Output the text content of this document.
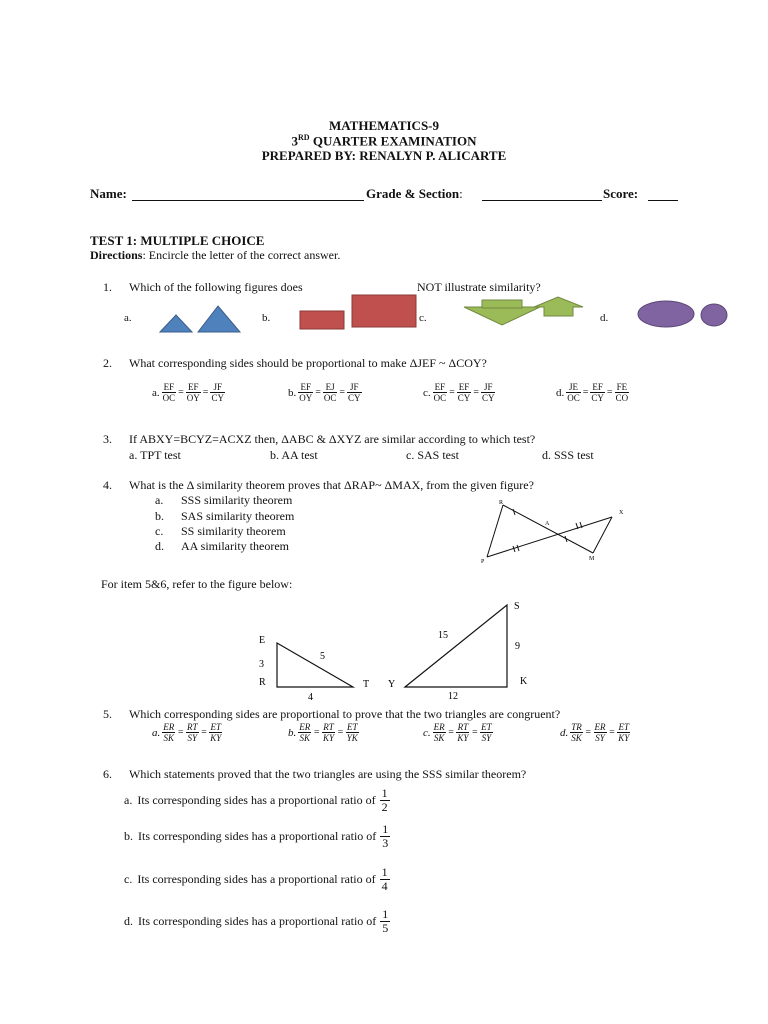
MATHEMATICS-9
3RD QUARTER EXAMINATION
PREPARED BY: RENALYN P. ALICARTE
Name:	Grade & Section:	Score:
TEST 1: MULTIPLE CHOICE
Directions: Encircle the letter of the correct answer.
1. Which of the following figures does	NOT illustrate similarity?
a.	b.	c.	d.
2. What corresponding sides should be proportional to make ΔJEF ~ ΔCOY?
a. $\frac{EF}{OC} = \frac{EF}{OY} = \frac{JF}{CY}$	b. $\frac{EF}{OY} = \frac{EJ}{OC} = \frac{JF}{CY}$	c. $\frac{EF}{OC} = \frac{EF}{CY} = \frac{JF}{CY}$	d. $\frac{JE}{OC} = \frac{EF}{CY} = \frac{FE}{CO}$
3. If ABXY=BCYZ=ACXZ then, ΔABC & ΔXYZ are similar according to which test?
a. TPT test	b. AA test	c. SAS test	d. SSS test
4. What is the Δ similarity theorem proves that ΔRAP~ ΔMAX, from the given figure?
a. SSS similarity theorem
b. SAS similarity theorem
c. SS similarity theorem
d. AA similarity theorem
R
A
X
P	M
For item 5&6, refer to the figure below:
E
3
R
5
4
T Y
S
15
9
K
12
5. Which corresponding sides are proportional to prove that the two triangles are congruent?
a. $\frac{ER}{SK} = \frac{RT}{SY} = \frac{ET}{KY}$	b. $\frac{ER}{SK} = \frac{RT}{KY} = \frac{ET}{YK}$	c. $\frac{ER}{SK} = \frac{RT}{KY} = \frac{ET}{SY}$	d. $\frac{TR}{SK} = \frac{ER}{SY} = \frac{ET}{KY}$
6. Which statements proved that the two triangles are using the SSS similar theorem?
a. Its corresponding sides has a proportional ratio of $\frac{1}{2}$
b. Its corresponding sides has a proportional ratio of $\frac{1}{3}$
c. Its corresponding sides has a proportional ratio of $\frac{1}{4}$
d. Its corresponding sides has a proportional ratio of $\frac{1}{5}$
